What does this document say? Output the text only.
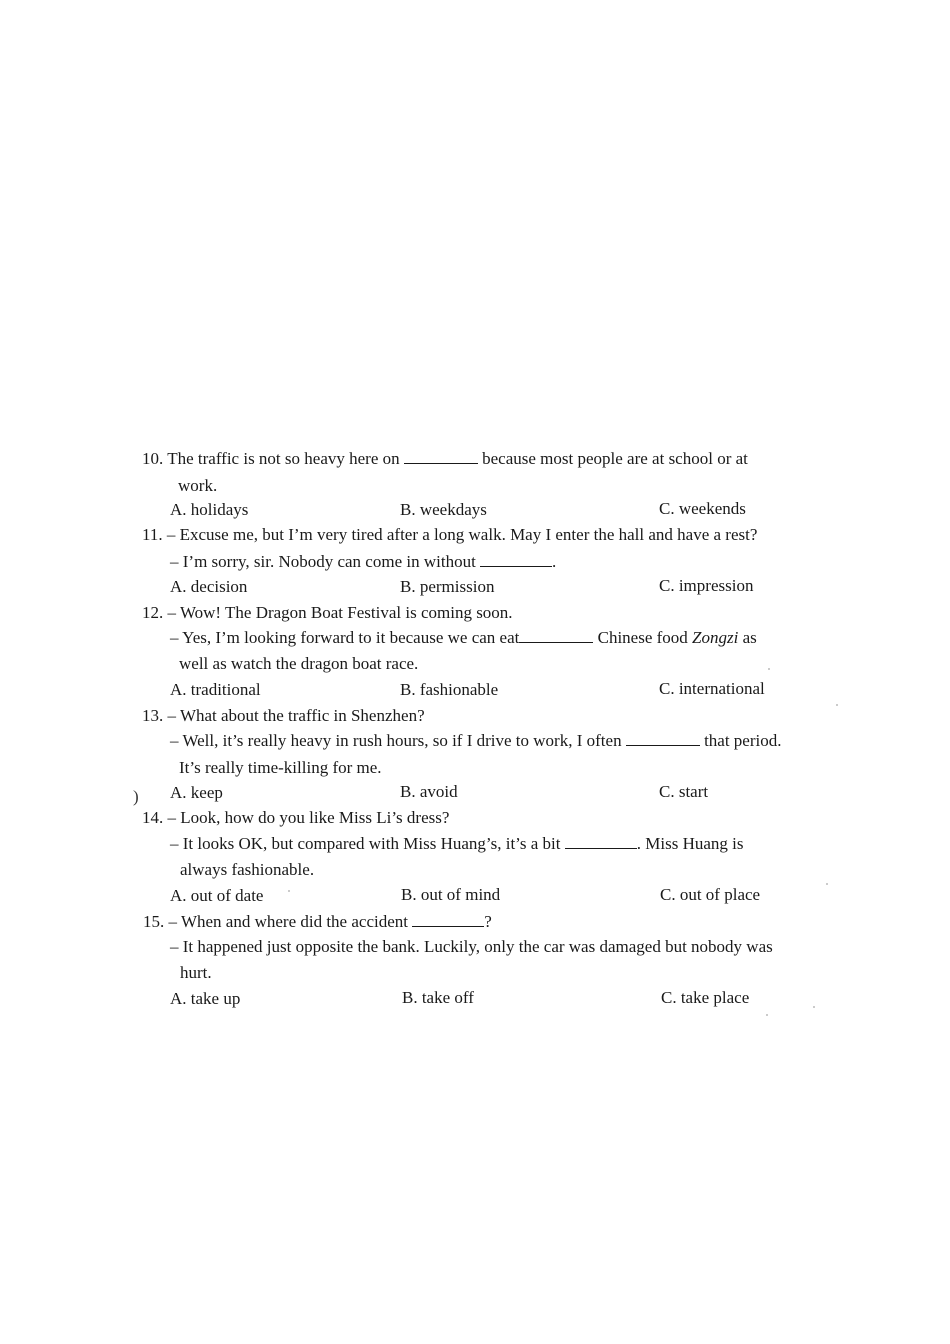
10. The traffic is not so heavy here on	because most people are at school or at
work.
A. holidays	B. weekdays	C. weekends
11. – Excuse me, but I’m very tired after a long walk. May I enter the hall and have a rest?
– I’m sorry, sir. Nobody can come in without	.
A. decision	B. permission	C. impression
12. – Wow! The Dragon Boat Festival is coming soon.
– Yes, I’m looking forward to it because we can eat	Chinese food Zongzi as
well as watch the dragon boat race.
A. traditional	B. fashionable	C. international
13. – What about the traffic in Shenzhen?
– Well, it’s really heavy in rush hours, so if I drive to work, I often	that period.
It’s really time-killing for me.
) A. keep	B. avoid	C. start
14. – Look, how do you like Miss Li’s dress?
– It looks OK, but compared with Miss Huang’s, it’s a bit	. Miss Huang is
always fashionable.
A. out of date	B. out of mind	C. out of place
15. – When and where did the accident	?
– It happened just opposite the bank. Luckily, only the car was damaged but nobody was
hurt.
A. take up	B. take off	C. take place
